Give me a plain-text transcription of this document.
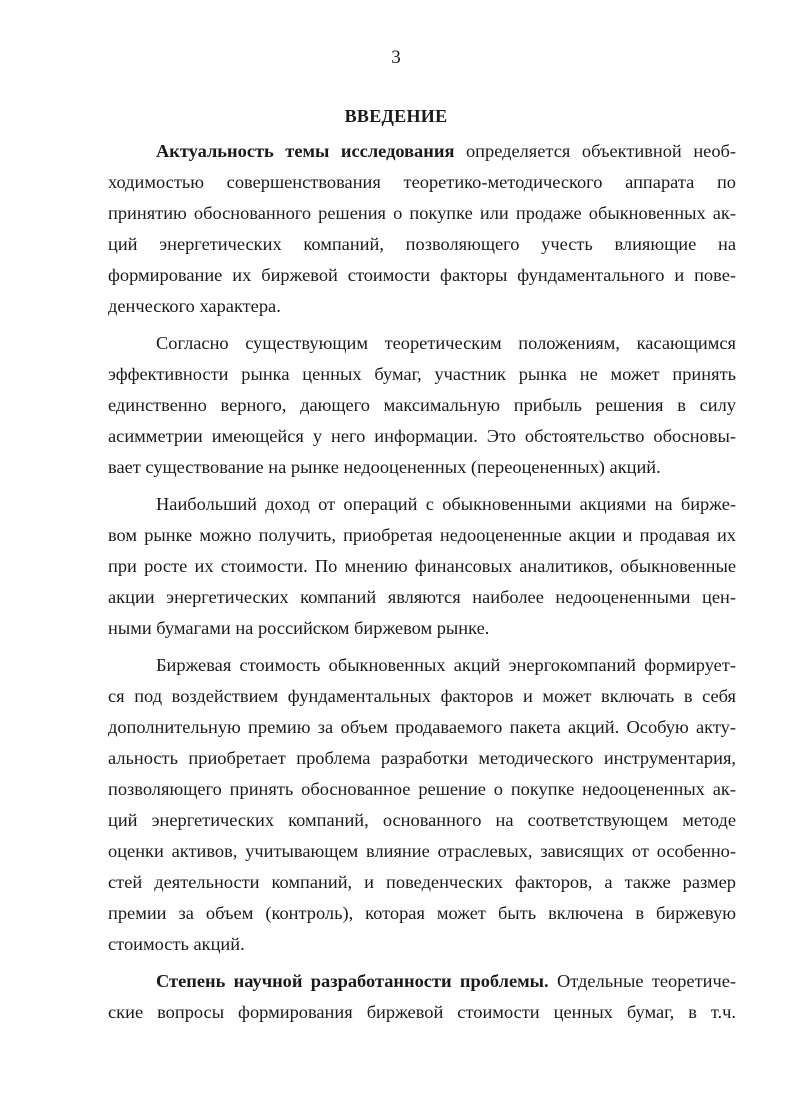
3
ВВЕДЕНИЕ
Актуальность темы исследования определяется объективной необ-
ходимостью совершенствования теоретико-методического аппарата по
принятию обоснованного решения о покупке или продаже обыкновенных ак-
ций энергетических компаний, позволяющего учесть влияющие на
формирование их биржевой стоимости факторы фундаментального и пове-
денческого характера.
Согласно существующим теоретическим положениям, касающимся
эффективности рынка ценных бумаг, участник рынка не может принять
единственно верного, дающего максимальную прибыль решения в силу
асимметрии имеющейся у него информации. Это обстоятельство обосновы-
вает существование на рынке недооцененных (переоцененных) акций.
Наибольший доход от операций с обыкновенными акциями на бирже-
вом рынке можно получить, приобретая недооцененные акции и продавая их
при росте их стоимости. По мнению финансовых аналитиков, обыкновенные
акции энергетических компаний являются наиболее недооцененными цен-
ными бумагами на российском биржевом рынке.
Биржевая стоимость обыкновенных акций энергокомпаний формирует-
ся под воздействием фундаментальных факторов и может включать в себя
дополнительную премию за объем продаваемого пакета акций. Особую акту-
альность приобретает проблема разработки методического инструментария,
позволяющего принять обоснованное решение о покупке недооцененных ак-
ций энергетических компаний, основанного на соответствующем методе
оценки активов, учитывающем влияние отраслевых, зависящих от особенно-
стей деятельности компаний, и поведенческих факторов, а также размер
премии за объем (контроль), которая может быть включена в биржевую
стоимость акций.
Степень научной разработанности проблемы. Отдельные теоретиче-
ские вопросы формирования биржевой стоимости ценных бумаг, в т.ч.
